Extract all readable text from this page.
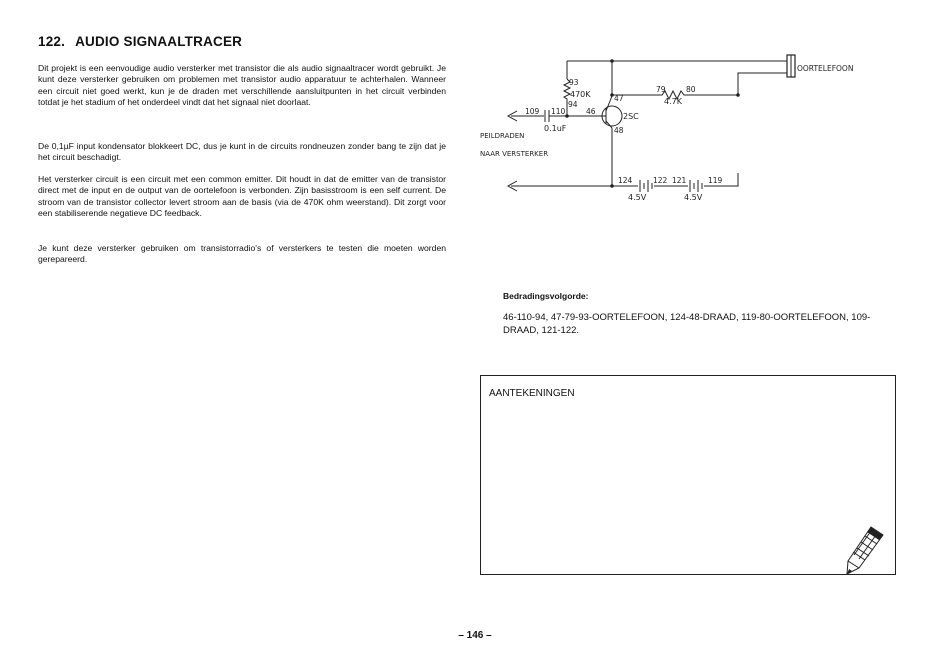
122. AUDIO SIGNAALTRACER

Dit projekt is een eenvoudige audio versterker met transistor die als audio signaaltracer wordt gebruikt. Je kunt deze versterker gebruiken om problemen met transistor audio apparatuur te achterhalen. Wanneer een circuit niet goed werkt, kun je de draden met verschillende aansluitpunten in het circuit verbinden totdat je het stadium of het onderdeel vindt dat het signaal niet doorlaat.

De 0,1µF input kondensator blokkeert DC, dus je kunt in de circuits rondneuzen zonder bang te zijn dat je het circuit beschadigt.

Het versterker circuit is een circuit met een common emitter. Dit houdt in dat de emitter van de transistor direct met de input en de output van de oortelefoon is verbonden. Zijn basisstroom is een self current. De stroom van de transistor collector levert stroom aan de basis (via de 470K ohm weerstand). Dit zorgt voor een stabiliserende negatieve DC feedback.

Je kunt deze versterker gebruiken om transistorradio's of versterkers te testen die moeten worden gerepareerd.

OORTELEFOON
93
470K
94
109 110	46
0.1uF
47
2SC
48
79	80
4.7K
PEILDRADEN
NAAR VERSTERKER
124	122 121	119
4.5V	4.5V
Bedradingsvolgorde:
46-110-94, 47-79-93-OORTELEFOON, 124-48-DRAAD, 119-80-OORTELEFOON, 109-DRAAD, 121-122.
AANTEKENINGEN
– 146 –
